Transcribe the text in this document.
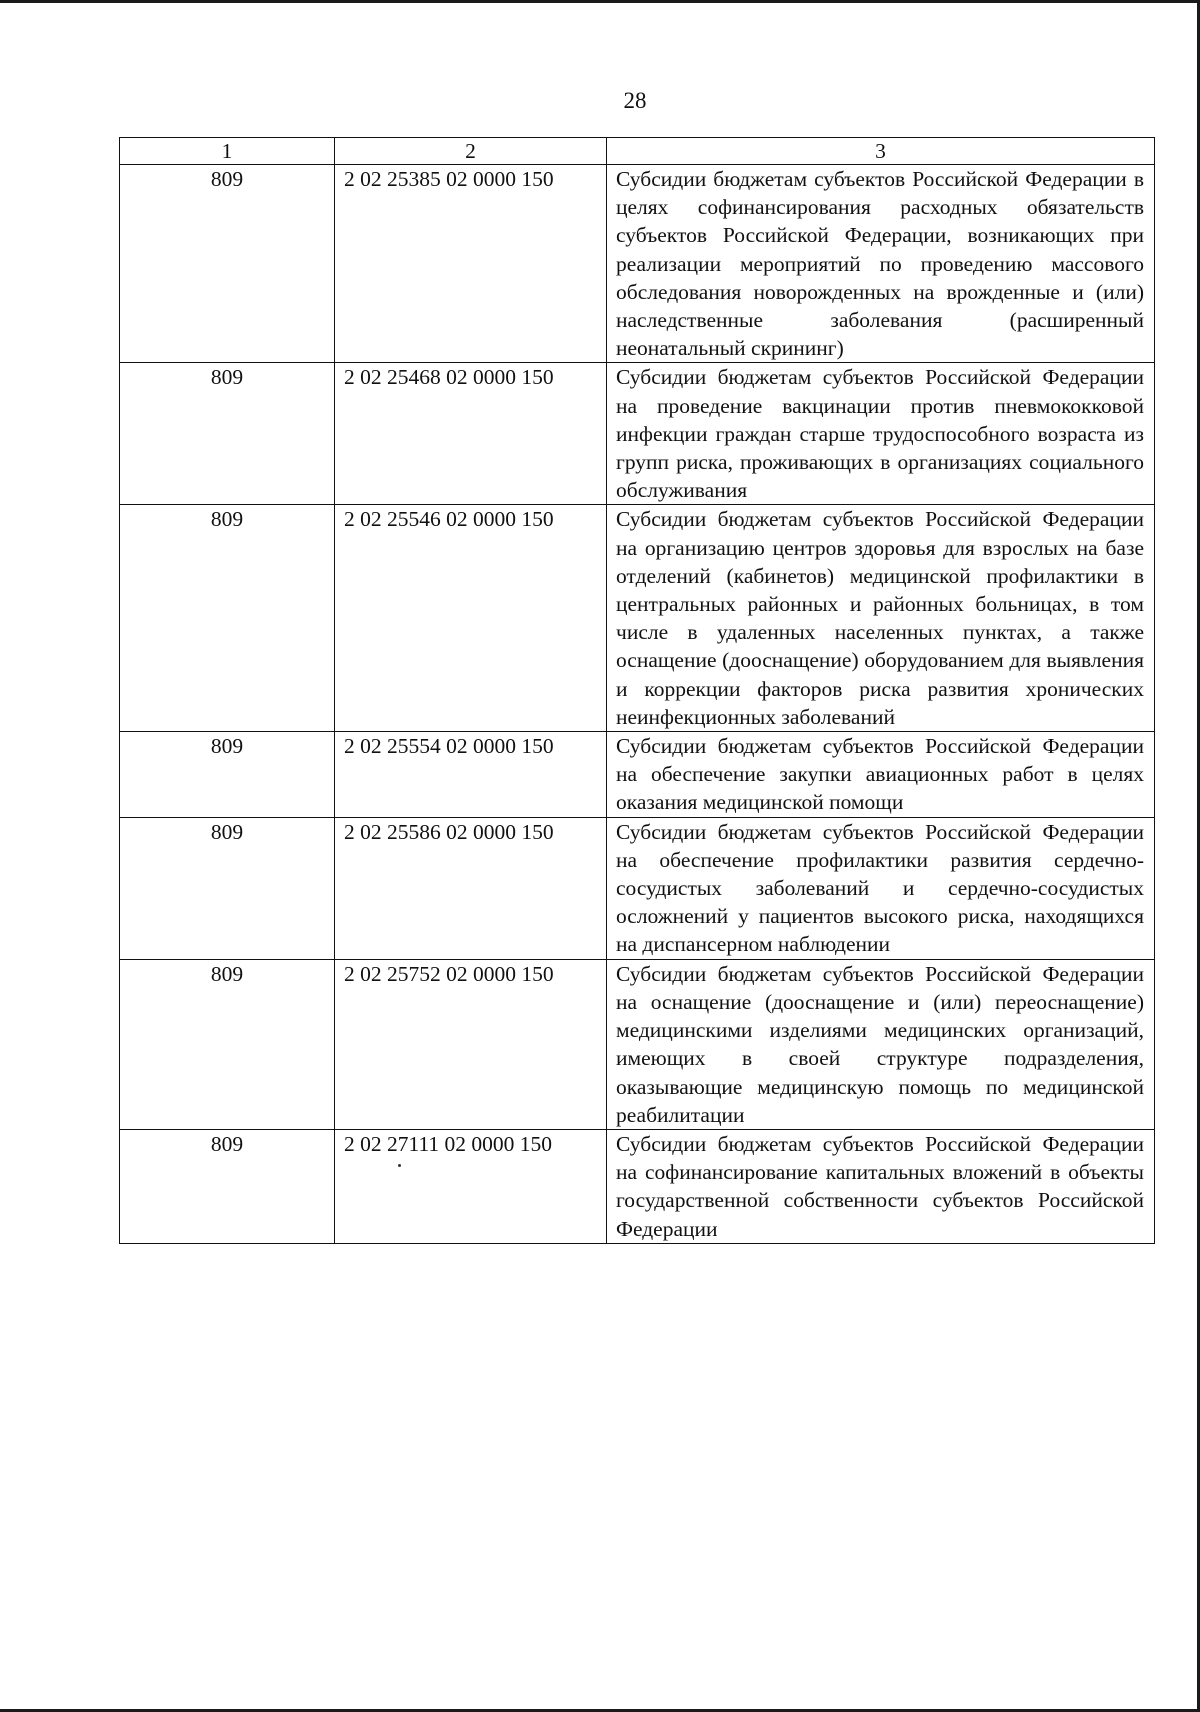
28
1	2	3
809	2 02 25385 02 0000 150	Субсидии бюджетам субъектов Российской Федерации в целях софинансирования расходных обязательств субъектов Российской Федерации, возникающих при реализации мероприятий по проведению массового обследования новорожденных на врожденные и (или) наследственные заболевания (расширенный неонатальный скрининг)
809	2 02 25468 02 0000 150	Субсидии бюджетам субъектов Российской Федерации на проведение вакцинации против пневмококковой инфекции граждан старше трудоспособного возраста из групп риска, проживающих в организациях социального обслуживания
809	2 02 25546 02 0000 150	Субсидии бюджетам субъектов Российской Федерации на организацию центров здоровья для взрослых на базе отделений (кабинетов) медицинской профилактики в центральных районных и районных больницах, в том числе в удаленных населенных пунктах, а также оснащение (дооснащение) оборудованием для выявления и коррекции факторов риска развития хронических неинфекционных заболеваний
809	2 02 25554 02 0000 150	Субсидии бюджетам субъектов Российской Федерации на обеспечение закупки авиационных работ в целях оказания медицинской помощи
809	2 02 25586 02 0000 150	Субсидии бюджетам субъектов Российской Федерации на обеспечение профилактики развития сердечно-сосудистых заболеваний и сердечно-сосудистых осложнений у пациентов высокого риска, находящихся на диспансерном наблюдении
809	2 02 25752 02 0000 150	Субсидии бюджетам субъектов Российской Федерации на оснащение (дооснащение и (или) переоснащение) медицинскими изделиями медицинских организаций, имеющих в своей структуре подразделения, оказывающие медицинскую помощь по медицинской реабилитации
809	2 02 27111 02 0000 150	Субсидии бюджетам субъектов Российской Федерации на софинансирование капитальных вложений в объекты государственной собственности субъектов Российской Федерации
